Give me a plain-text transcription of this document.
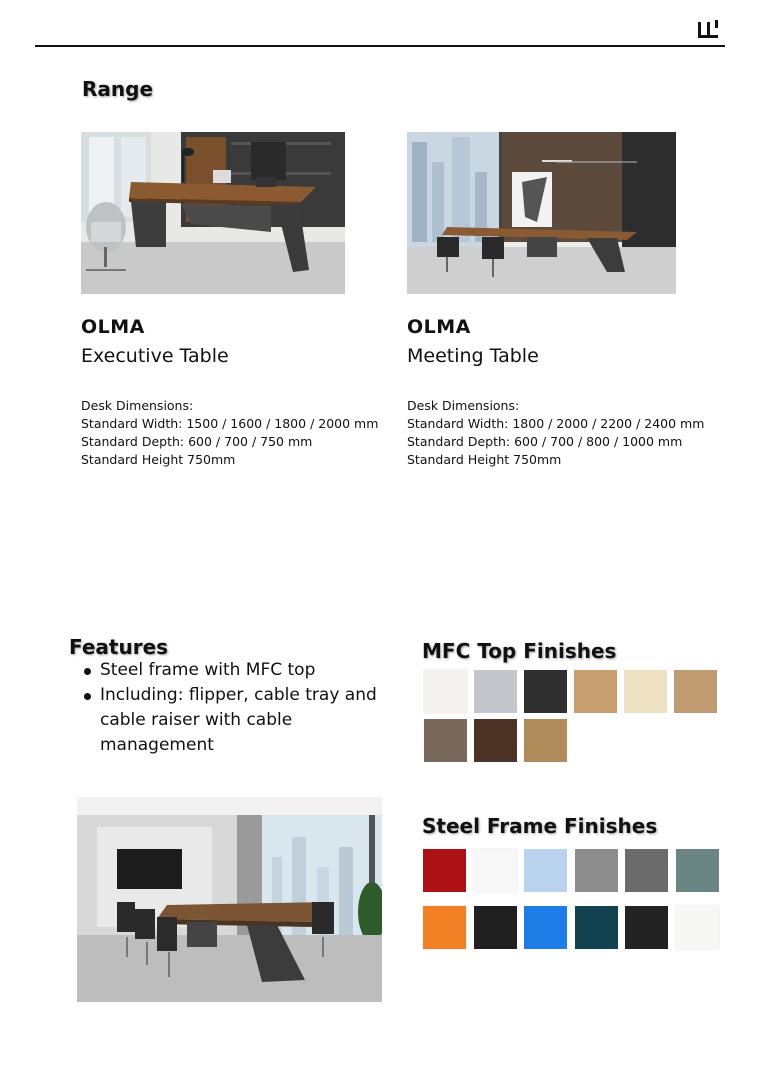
Range
OLMA
Executive Table
Desk Dimensions:
Standard Width: 1500 / 1600 / 1800 / 2000 mm
Standard Depth: 600 / 700 / 750 mm
Standard Height 750mm
OLMA
Meeting Table
Desk Dimensions:
Standard Width: 1800 / 2000 / 2200 / 2400 mm
Standard Depth: 600 / 700 / 800 / 1000 mm
Standard Height 750mm
Features
Steel frame with MFC top
Including: flipper, cable tray and cable raiser with cable management
MFC Top Finishes
Steel Frame Finishes
